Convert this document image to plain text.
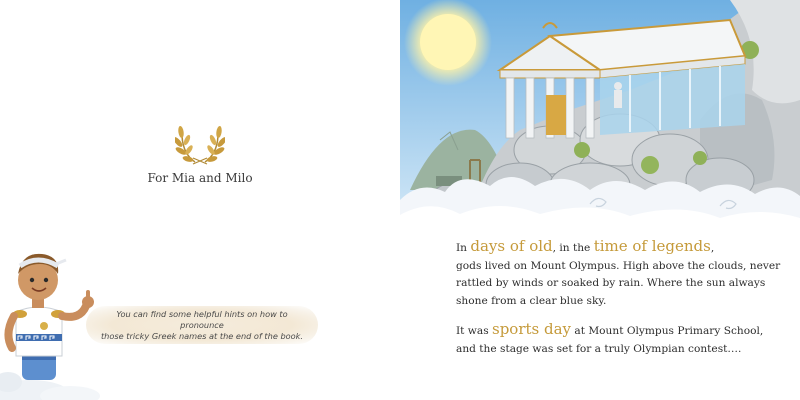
For Mia and Milo
You can find some helpful hints on how to pronounce
those tricky Greek names at the end of the book.

In days of old, in the time of legends,
gods lived on Mount Olympus. High above the clouds, never
rattled by winds or soaked by rain. Where the sun always
shone from a clear blue sky.

It was sports day at Mount Olympus Primary School,
and the stage was set for a truly Olympian contest….
